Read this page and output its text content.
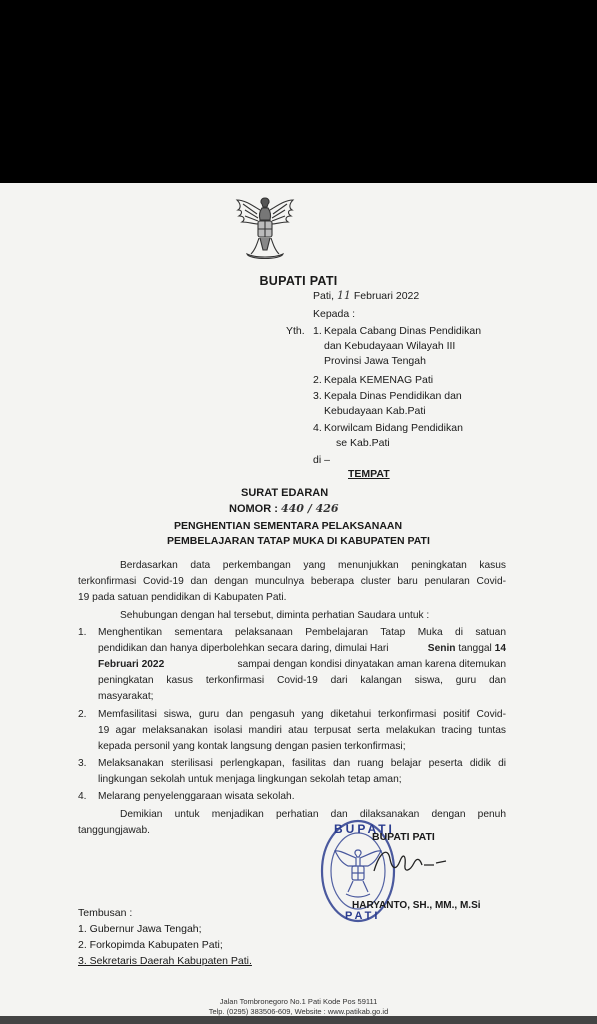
BUPATI PATI
Pati, 11 Februari 2022
Kepada :
Yth. 1. Kepala Cabang Dinas Pendidikan
dan Kebudayaan Wilayah III
Provinsi Jawa Tengah
2. Kepala KEMENAG Pati
3. Kepala Dinas Pendidikan dan
Kebudayaan Kab.Pati
4. Korwilcam Bidang Pendidikan
se Kab.Pati
di –
TEMPAT
SURAT EDARAN
NOMOR : 440 / 426
PENGHENTIAN SEMENTARA PELAKSANAAN
PEMBELAJARAN TATAP MUKA DI KABUPATEN PATI
Berdasarkan data perkembangan yang menunjukkan peningkatan kasus
terkonfirmasi Covid-19 dan dengan munculnya beberapa cluster baru penularan Covid-
19 pada satuan pendidikan di Kabupaten Pati.
Sehubungan dengan hal tersebut, diminta perhatian Saudara untuk :
1. Menghentikan sementara pelaksanaan Pembelajaran Tatap Muka di satuan
pendidikan dan hanya diperbolehkan secara daring, dimulai Hari	Senin tanggal 14
Februari 2022	sampai dengan kondisi dinyatakan aman karena ditemukan
peningkatan kasus terkonfirmasi Covid-19 dari kalangan siswa, guru dan
masyarakat;
2. Memfasilitasi siswa, guru dan pengasuh yang diketahui terkonfirmasi positif Covid-
19 agar melaksanakan isolasi mandiri atau terpusat serta melakukan tracing tuntas
kepada personil yang kontak langsung dengan pasien terkonfirmasi;
3. Melaksanakan sterilisasi perlengkapan, fasilitas dan ruang belajar peserta didik di
lingkungan sekolah untuk menjaga lingkungan sekolah tetap aman;
4. Melarang penyelenggaraan wisata sekolah.
Demikian untuk menjadikan perhatian dan dilaksanakan dengan penuh
tanggungjawab.	BUPATI
PATI
BUPATI PATI
HARYANTO, SH., MM., M.Si
Tembusan :
1. Gubernur Jawa Tengah;
2. Forkopimda Kabupaten Pati;
3. Sekretaris Daerah Kabupaten Pati.
Jalan Tombronegoro No.1 Pati Kode Pos 59111
Telp. (0295) 383506-609, Website : www.patikab.go.id
